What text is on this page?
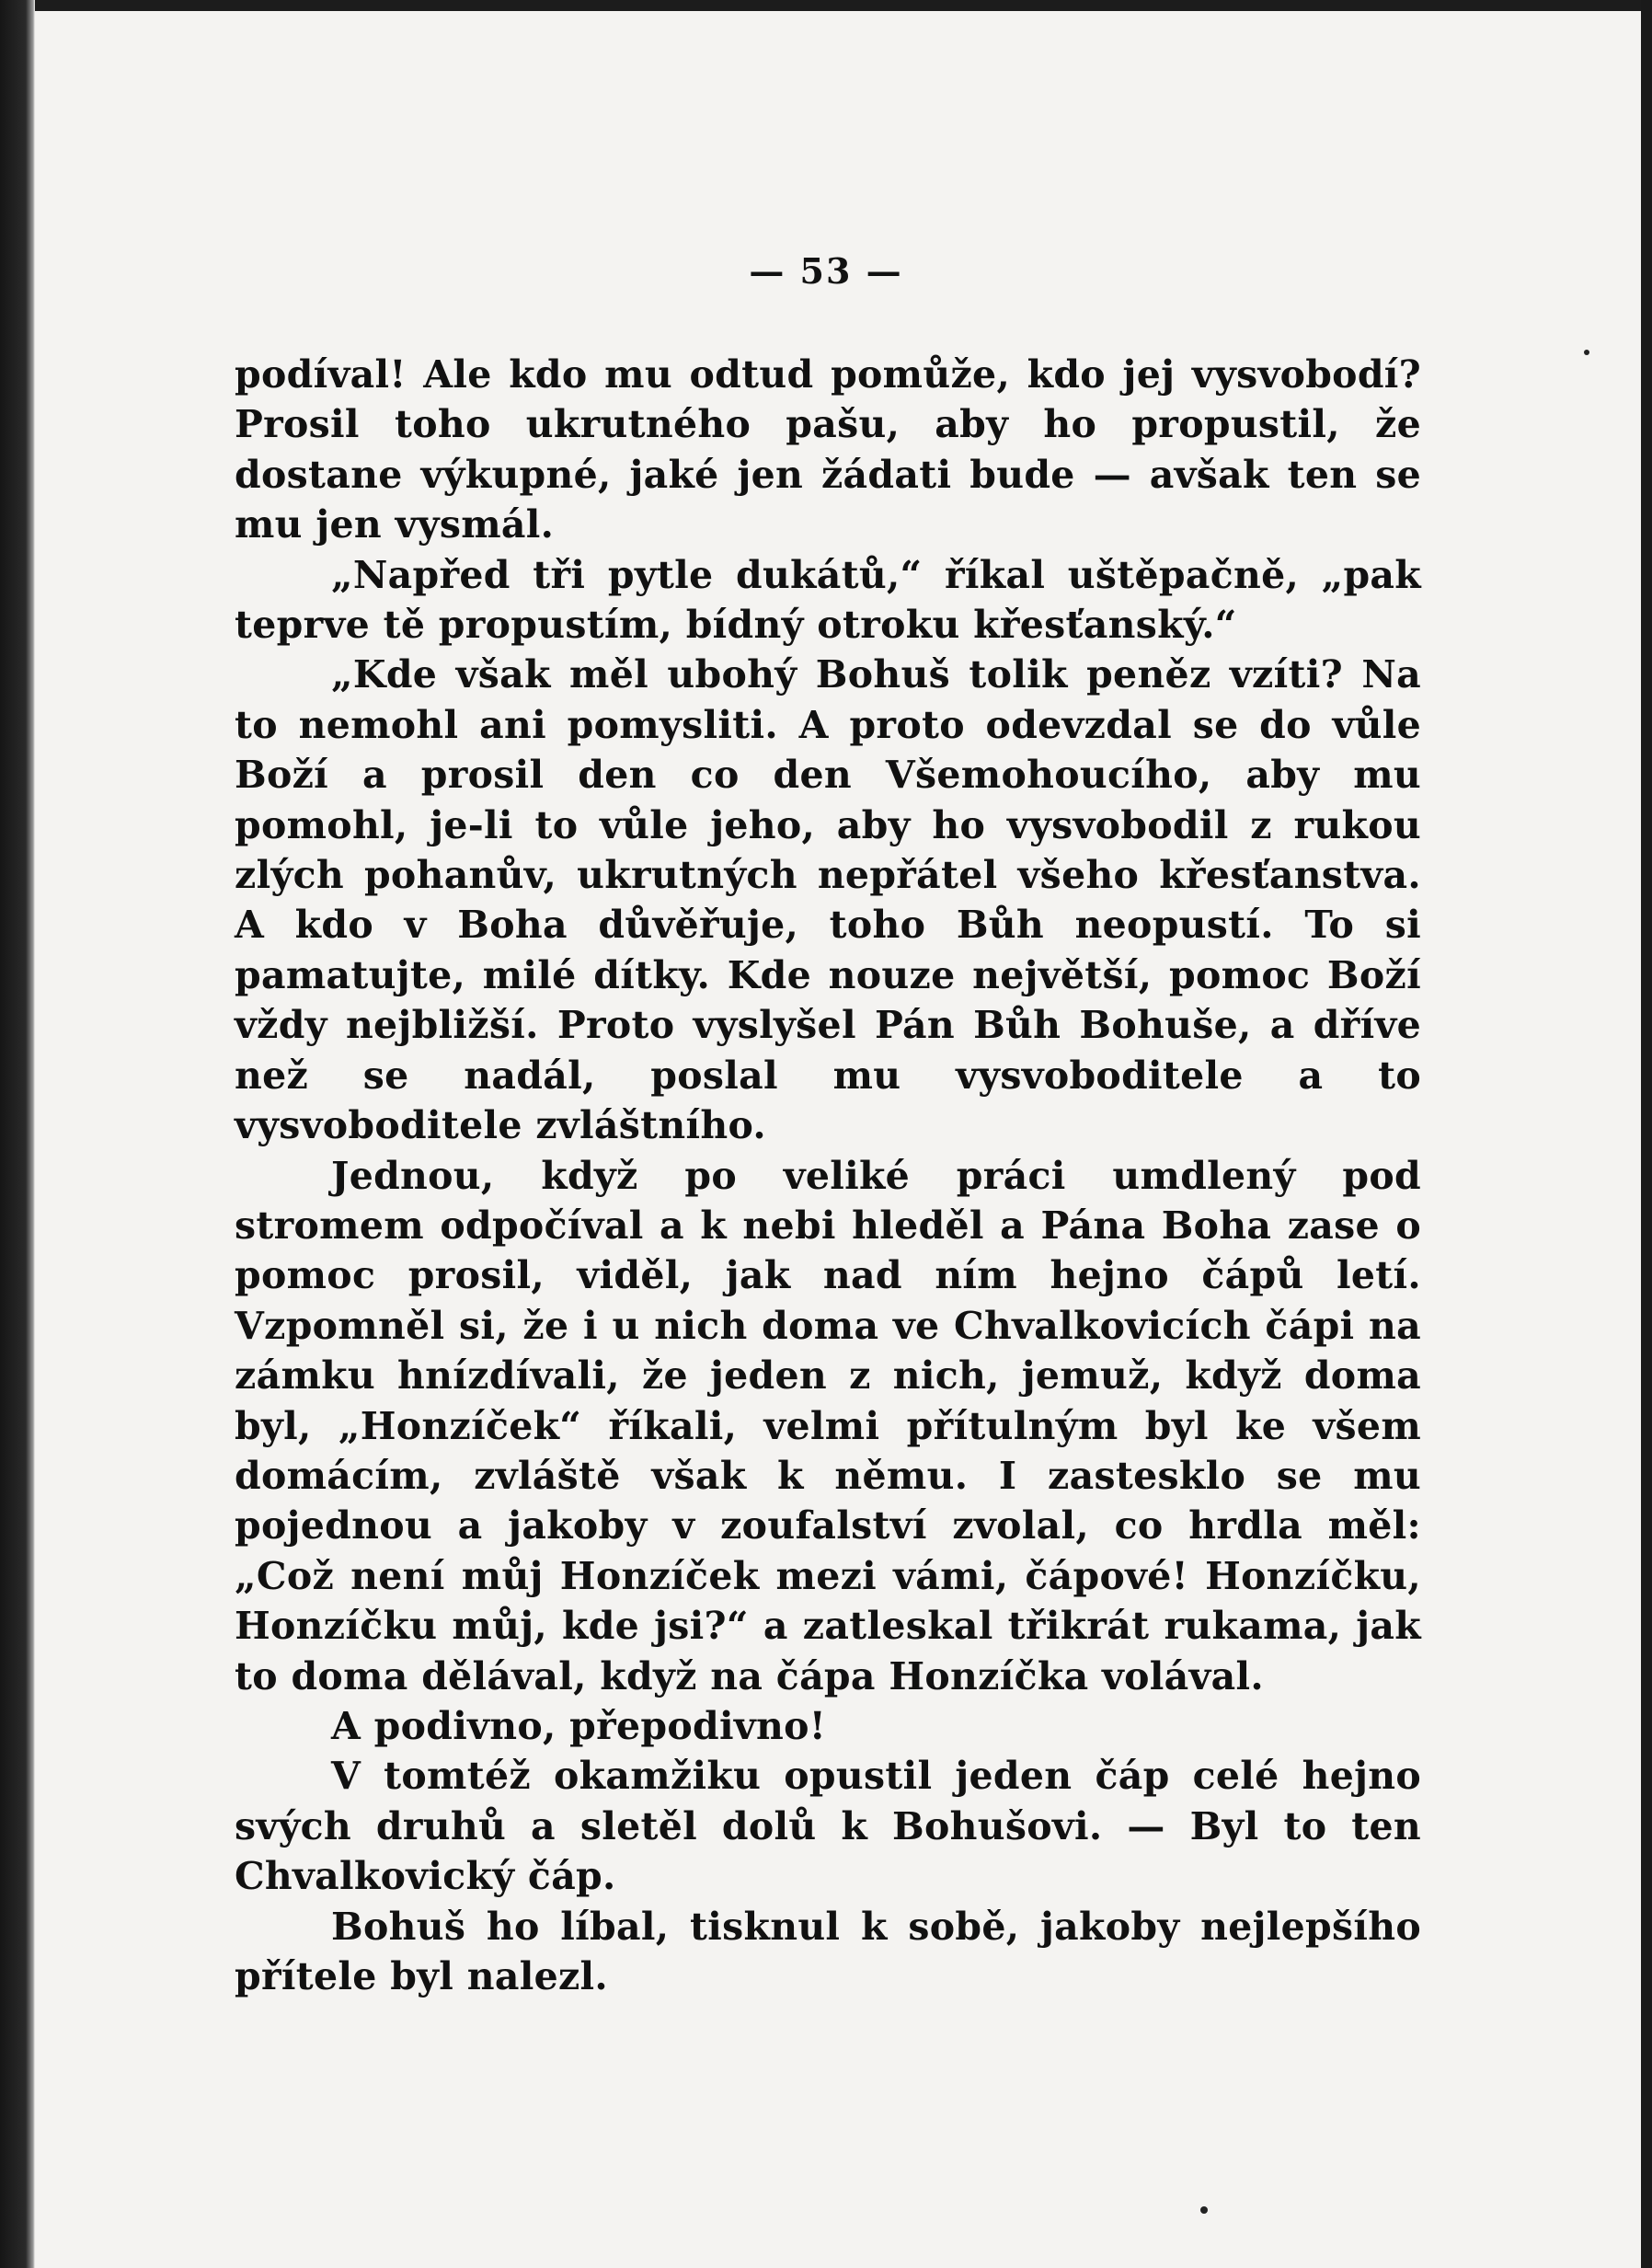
— 53 —

podíval! Ale kdo mu odtud pomůže, kdo jej vysvobodí? Prosil toho ukrutného pašu, aby ho propustil, že dostane výkupné, jaké jen žádati bude — avšak ten se mu jen vysmál.

„Napřed tři pytle dukátů,“ říkal uštěpačně, „pak teprve tě propustím, bídný otroku křesťanský.“

„Kde však měl ubohý Bohuš tolik peněz vzíti? Na to nemohl ani pomysliti. A proto odevzdal se do vůle Boží a prosil den co den Všemohoucího, aby mu pomohl, je-li to vůle jeho, aby ho vysvobodil z rukou zlých pohanův, ukrutných nepřátel všeho křesťanstva. A kdo v Boha důvěřuje, toho Bůh neopustí. To si pamatujte, milé dítky. Kde nouze největší, pomoc Boží vždy nejbližší. Proto vyslyšel Pán Bůh Bohuše, a dříve než se nadál, poslal mu vysvoboditele a to vysvoboditele zvláštního.

Jednou, když po veliké práci umdlený pod stromem odpočíval a k nebi hleděl a Pána Boha zase o pomoc prosil, viděl, jak nad ním hejno čápů letí. Vzpomněl si, že i u nich doma ve Chvalkovicích čápi na zámku hnízdívali, že jeden z nich, jemuž, když doma byl, „Honzíček“ říkali, velmi přítulným byl ke všem domácím, zvláště však k němu. I zastesklo se mu pojednou a jakoby v zoufalství zvolal, co hrdla měl: „Což není můj Honzíček mezi vámi, čápové! Honzíčku, Honzíčku můj, kde jsi?“ a zatleskal třikrát rukama, jak to doma dělával, když na čápa Honzíčka volával.

A podivno, přepodivno!

V tomtéž okamžiku opustil jeden čáp celé hejno svých druhů a sletěl dolů k Bohušovi. — Byl to ten Chvalkovický čáp.

Bohuš ho líbal, tisknul k sobě, jakoby nejlepšího přítele byl nalezl.
